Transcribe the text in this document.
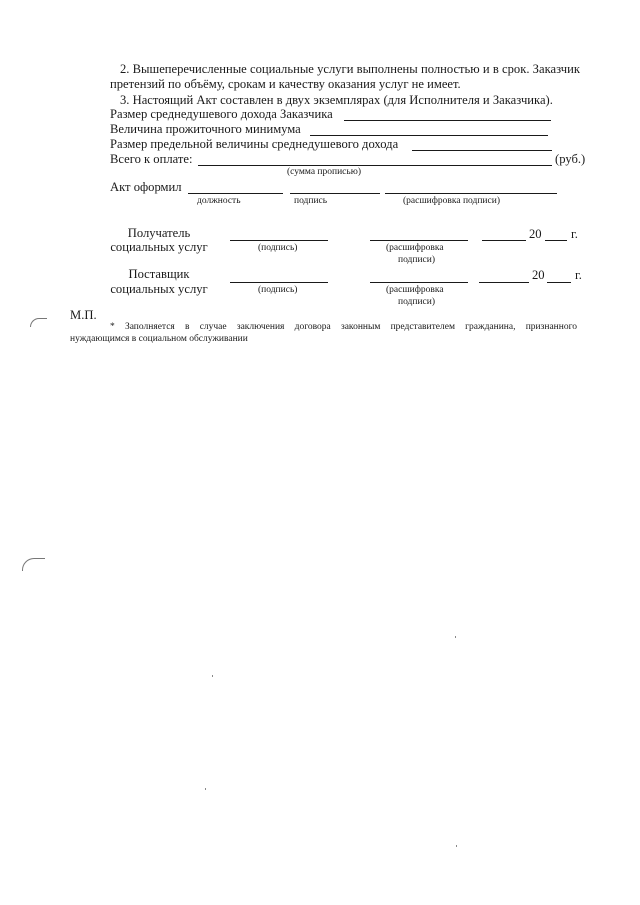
2. Вышеперечисленные социальные услуги выполнены полностью и в срок. Заказчик
претензий по объёму, срокам и качеству оказания услуг не имеет.
3. Настоящий Акт составлен в двух экземплярах (для Исполнителя и Заказчика).
Размер среднедушевого дохода Заказчика
Величина прожиточного минимума
Размер предельной величины среднедушевого дохода
Всего к оплате:	(руб.)
(сумма прописью)
Акт оформил
должность	подпись	(расшифровка подписи)
Получатель
социальных услуг	(подпись)	(расшифровка
подписи)
20 г.
Поставщик
социальных услуг	(подпись)	(расшифровка
подписи)
20 г.
М.П.
* Заполняется в случае заключения договора законным представителем гражданина, признанного
нуждающимся в социальном обслуживании
